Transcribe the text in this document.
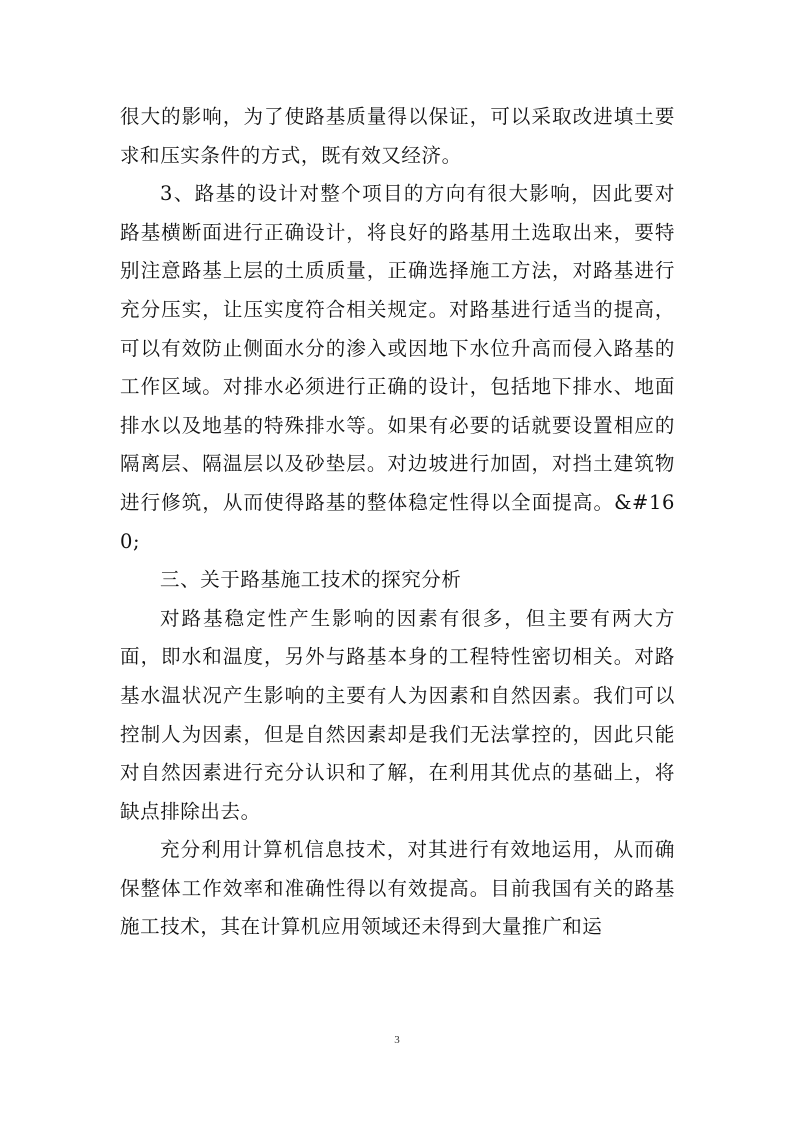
很大的影响，为了使路基质量得以保证，可以采取改进填土要求和压实条件的方式，既有效又经济。

3、路基的设计对整个项目的方向有很大影响，因此要对路基横断面进行正确设计，将良好的路基用土选取出来，要特别注意路基上层的土质质量，正确选择施工方法，对路基进行充分压实，让压实度符合相关规定。对路基进行适当的提高，可以有效防止侧面水分的渗入或因地下水位升高而侵入路基的工作区域。对排水必须进行正确的设计，包括地下排水、地面排水以及地基的特殊排水等。如果有必要的话就要设置相应的隔离层、隔温层以及砂垫层。对边坡进行加固，对挡土建筑物进行修筑，从而使得路基的整体稳定性得以全面提高。&#160;

三、关于路基施工技术的探究分析

对路基稳定性产生影响的因素有很多，但主要有两大方面，即水和温度，另外与路基本身的工程特性密切相关。对路基水温状况产生影响的主要有人为因素和自然因素。我们可以控制人为因素，但是自然因素却是我们无法掌控的，因此只能对自然因素进行充分认识和了解，在利用其优点的基础上，将缺点排除出去。

充分利用计算机信息技术，对其进行有效地运用，从而确保整体工作效率和准确性得以有效提高。目前我国有关的路基施工技术，其在计算机应用领域还未得到大量推广和运

3
